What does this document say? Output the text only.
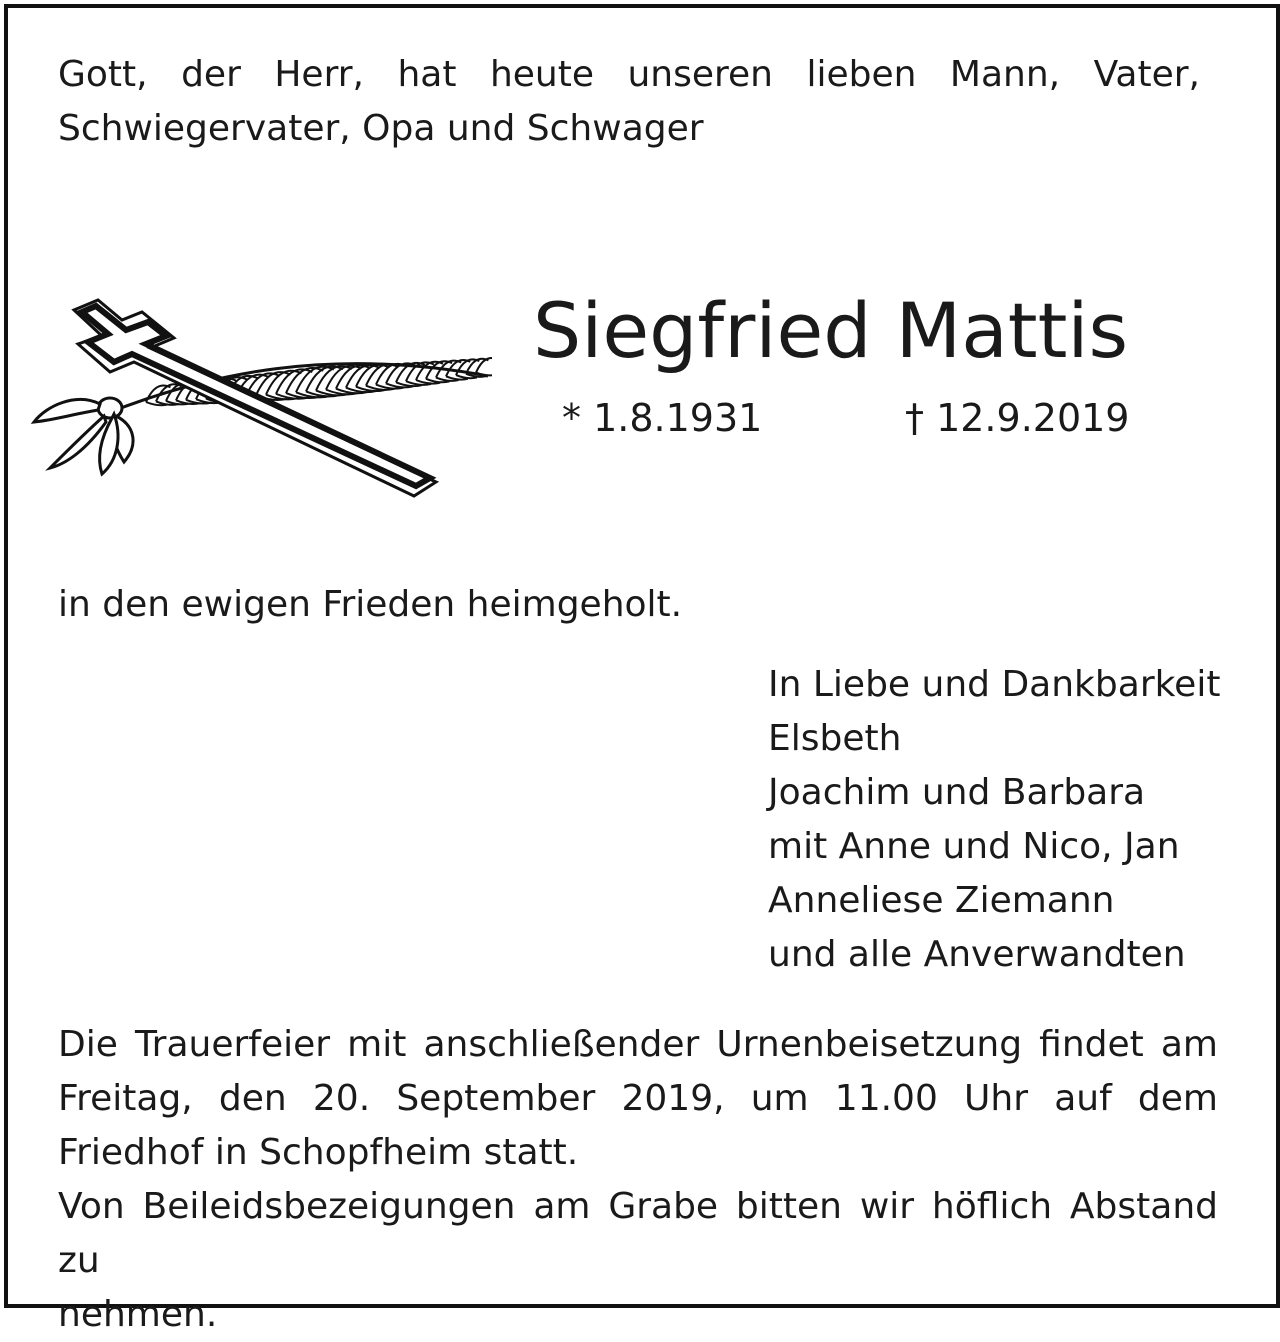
Gott, der Herr, hat heute unseren lieben Mann, Vater,
Schwiegervater, Opa und Schwager
Siegfried Mattis
* 1.8.1931	† 12.9.2019
in den ewigen Frieden heimgeholt.
In Liebe und Dankbarkeit
Elsbeth
Joachim und Barbara
mit Anne und Nico, Jan
Anneliese Ziemann
und alle Anverwandten
Die Trauerfeier mit anschließender Urnenbeisetzung findet am
Freitag, den 20. September 2019, um 11.00 Uhr auf dem
Friedhof in Schopfheim statt.
Von Beileidsbezeigungen am Grabe bitten wir höflich Abstand zu
nehmen.
